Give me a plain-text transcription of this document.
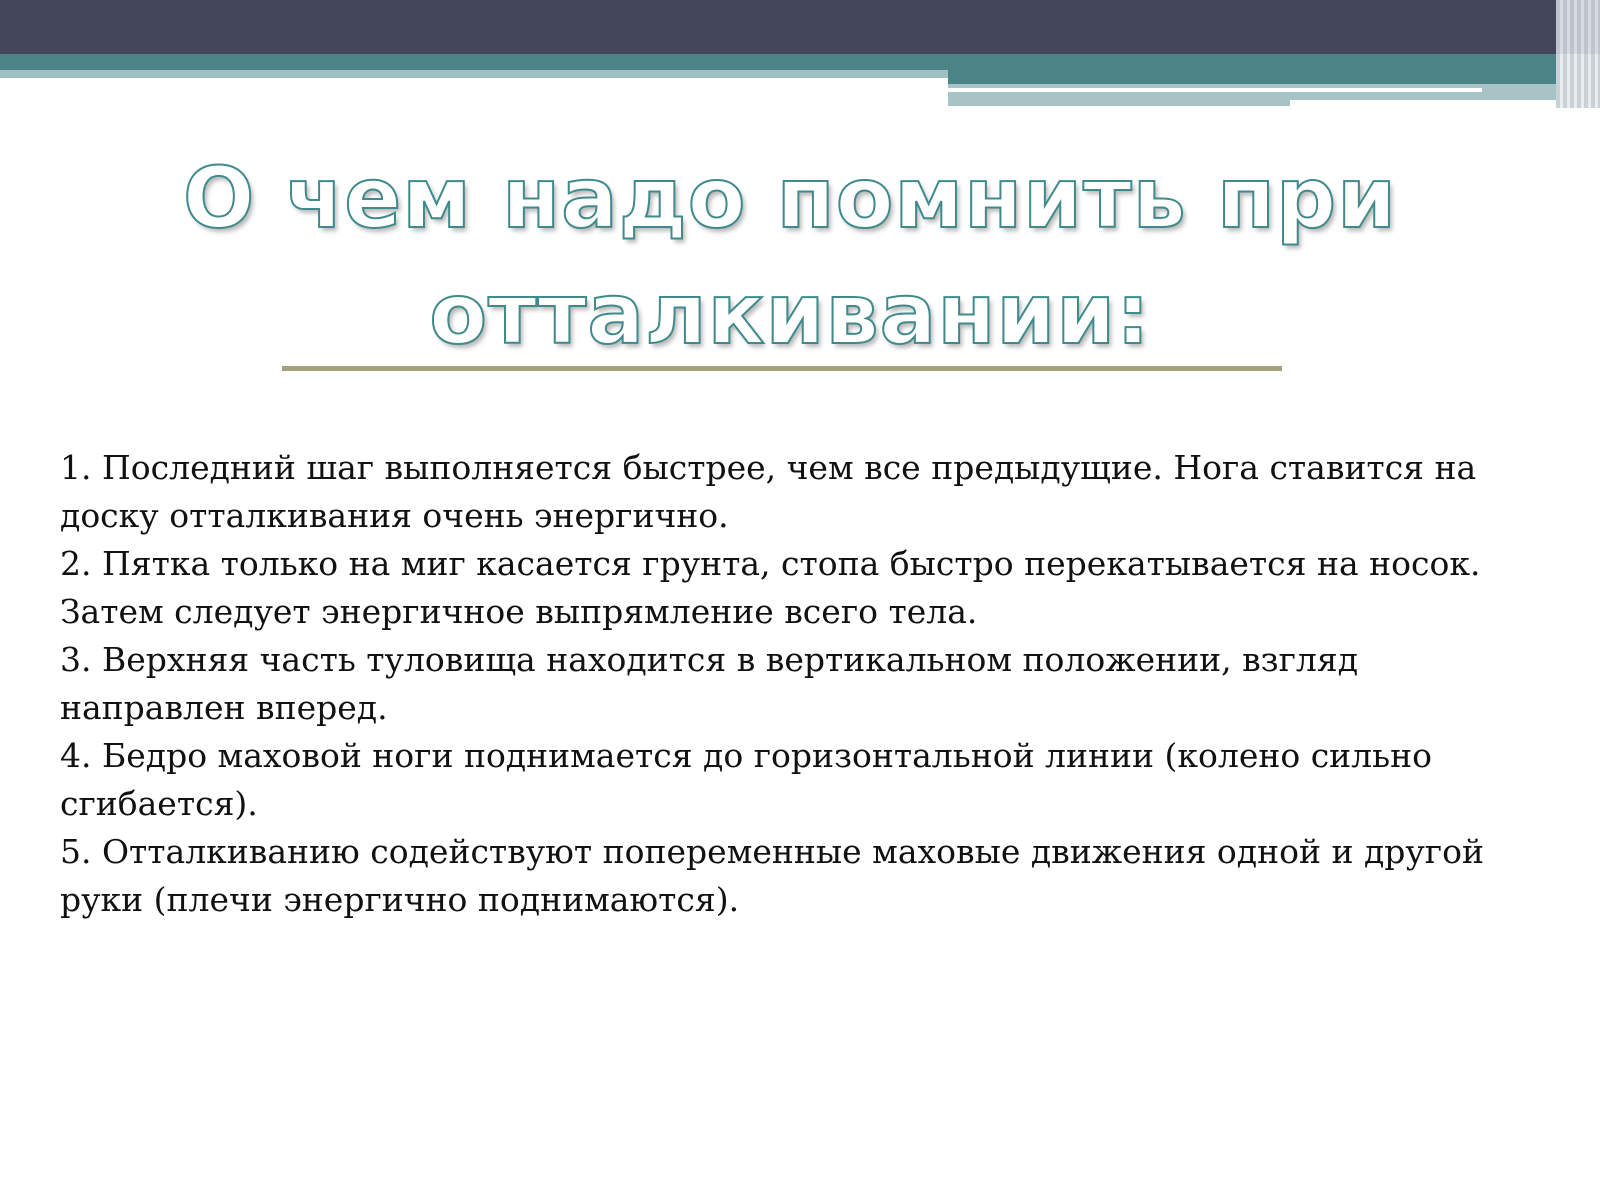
О чем надо помнить при
отталкивании:

1. Последний шаг выполняется быстрее, чем все предыдущие. Нога ставится на доску отталкивания очень энергично.

2. Пятка только на миг касается грунта, стопа быстро перекатывается на носок. Затем следует энергичное выпрямление всего тела.

3. Верхняя часть туловища находится в вертикальном положении, взгляд направлен вперед.

4. Бедро маховой ноги поднимается до горизонтальной линии (колено сильно сгибается).

5. Отталкиванию содействуют попеременные маховые движения одной и другой руки (плечи энергично поднимаются).
